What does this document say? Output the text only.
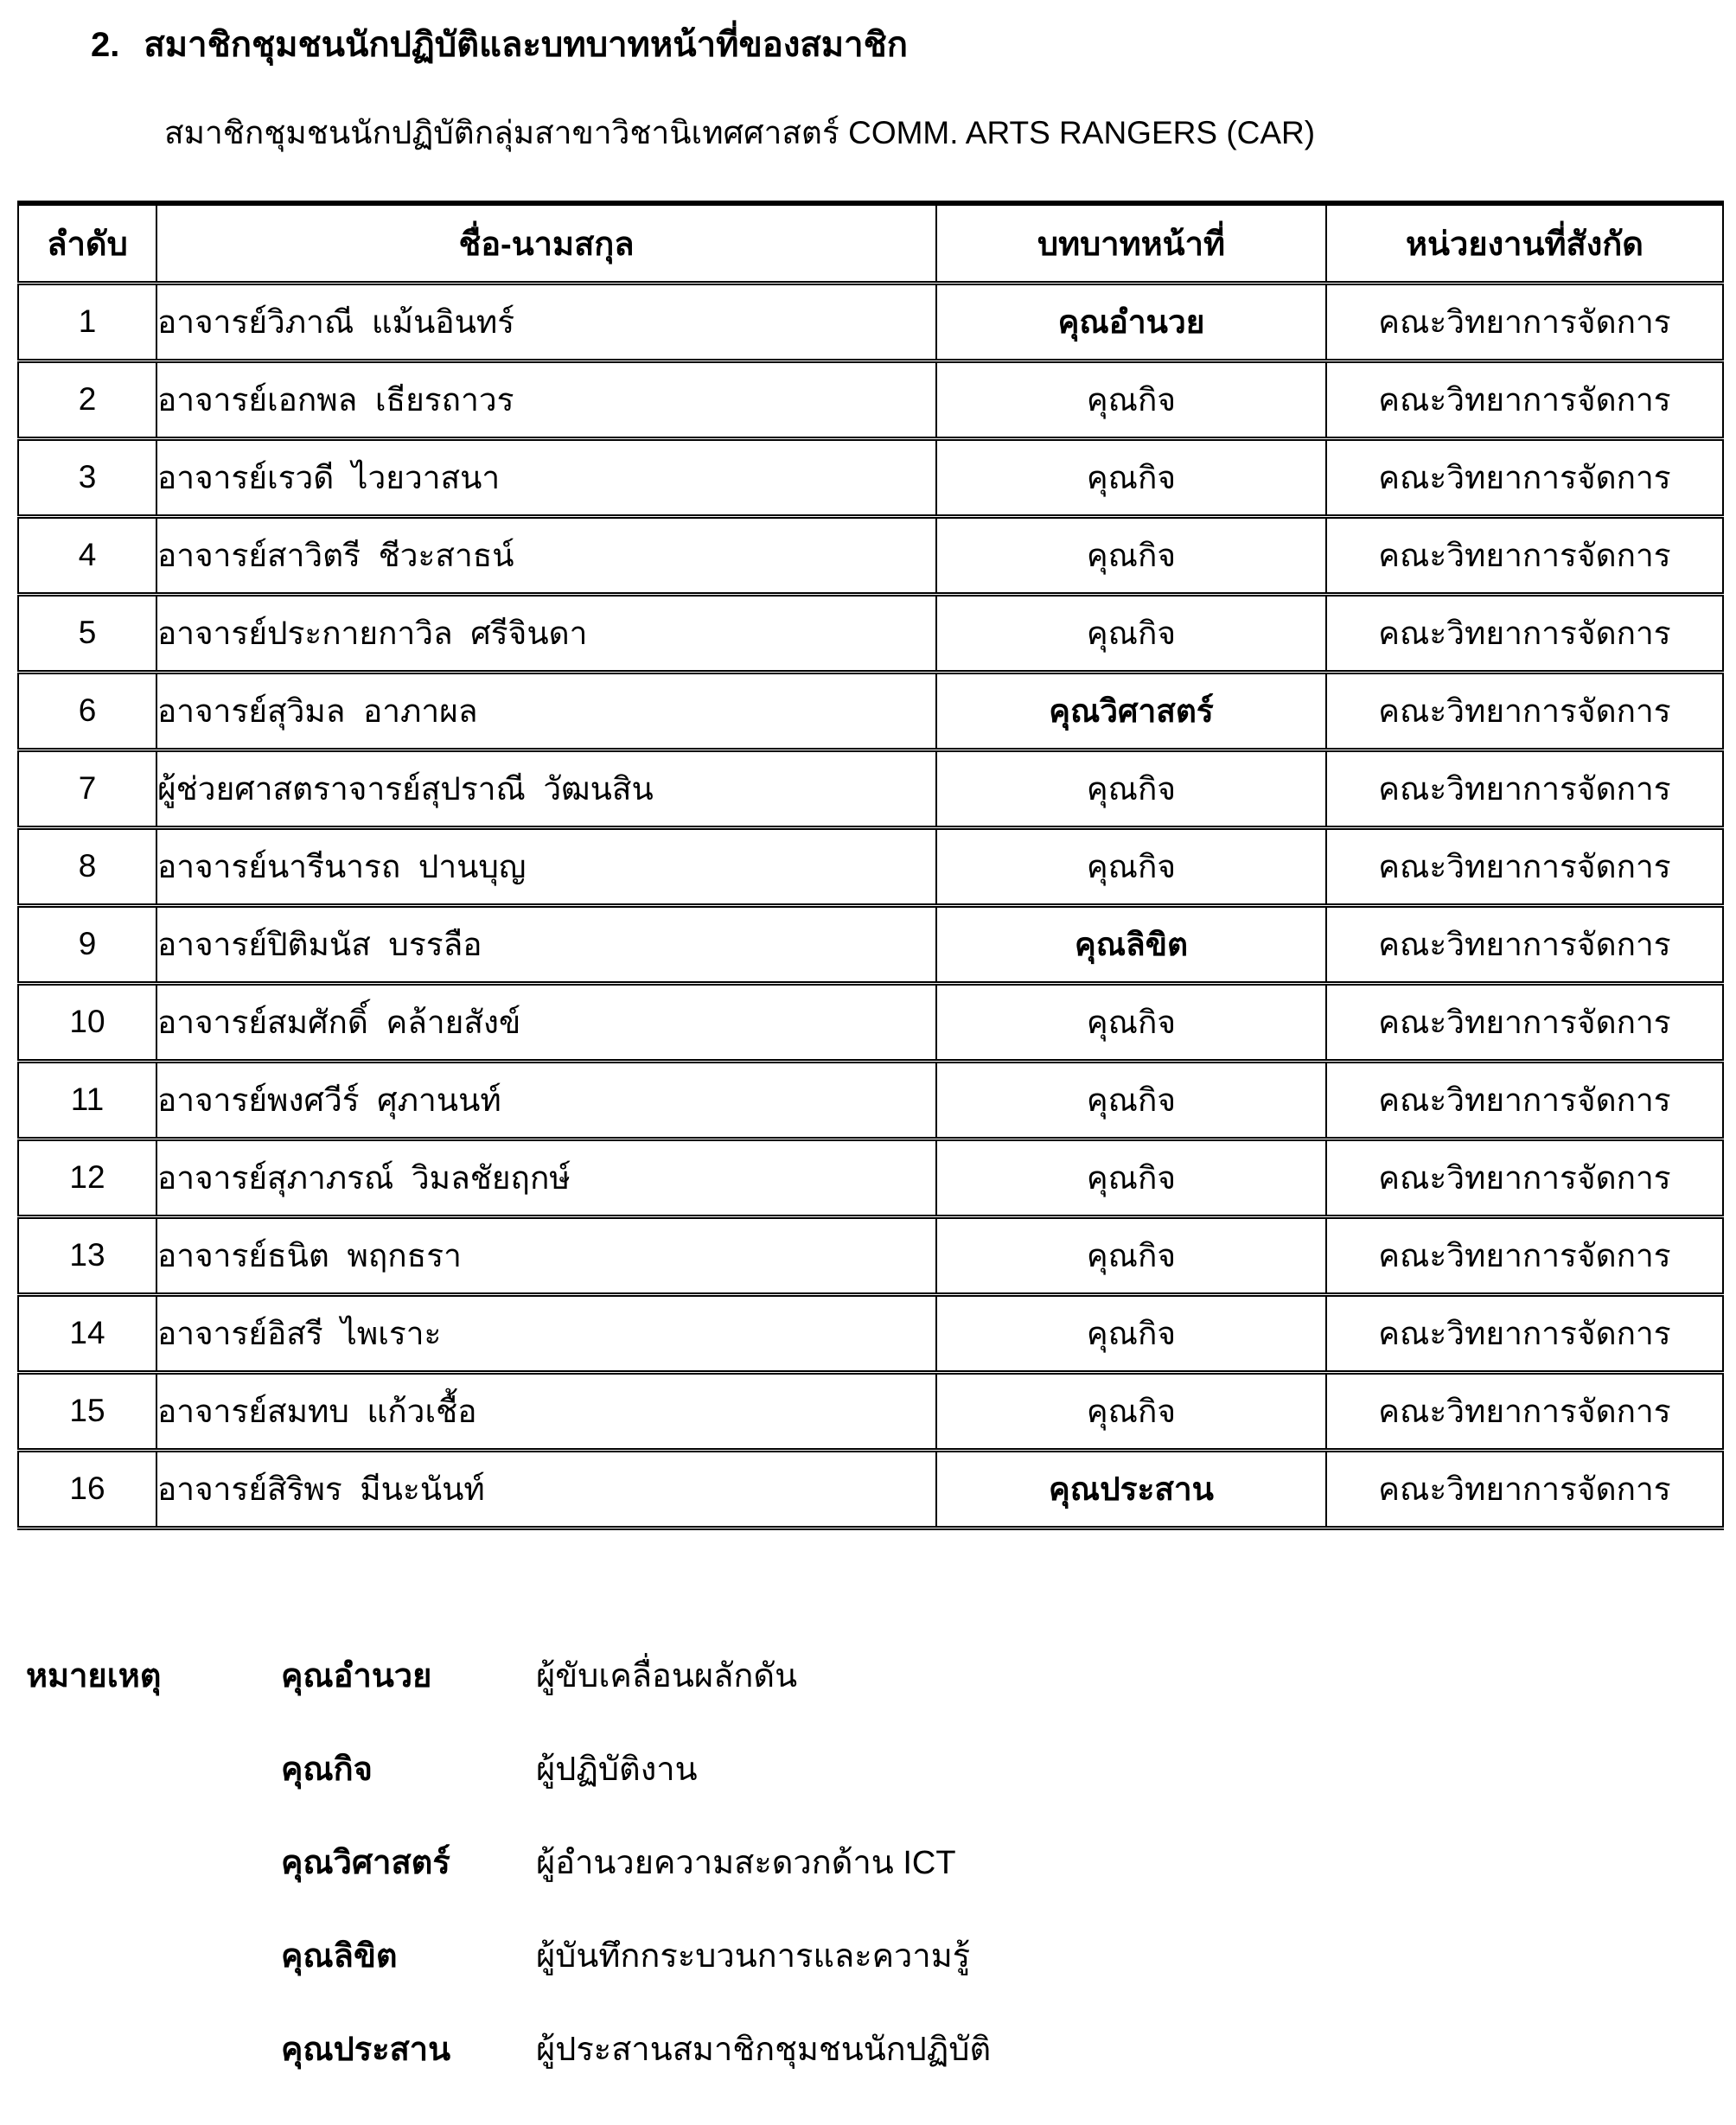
2. สมาชิกชุมชนนักปฏิบัติและบทบาทหน้าที่ของสมาชิก
สมาชิกชุมชนนักปฏิบัติกลุ่มสาขาวิชานิเทศศาสตร์ COMM. ARTS RANGERS (CAR)
ลำดับ	ชื่อ-นามสกุล	บทบาทหน้าที่	หน่วยงานที่สังกัด
1	อาจารย์วิภาณี  แม้นอินทร์	คุณอำนวย	คณะวิทยาการจัดการ
2	อาจารย์เอกพล  เธียรถาวร	คุณกิจ	คณะวิทยาการจัดการ
3	อาจารย์เรวดี  ไวยวาสนา	คุณกิจ	คณะวิทยาการจัดการ
4	อาจารย์สาวิตรี  ชีวะสาธน์	คุณกิจ	คณะวิทยาการจัดการ
5	อาจารย์ประกายกาวิล  ศรีจินดา	คุณกิจ	คณะวิทยาการจัดการ
6	อาจารย์สุวิมล  อาภาผล	คุณวิศาสตร์	คณะวิทยาการจัดการ
7	ผู้ช่วยศาสตราจารย์สุปราณี  วัฒนสิน	คุณกิจ	คณะวิทยาการจัดการ
8	อาจารย์นารีนารถ  ปานบุญ	คุณกิจ	คณะวิทยาการจัดการ
9	อาจารย์ปิติมนัส  บรรลือ	คุณลิขิต	คณะวิทยาการจัดการ
10	อาจารย์สมศักดิ์  คล้ายสังข์	คุณกิจ	คณะวิทยาการจัดการ
11	อาจารย์พงศวีร์  ศุภานนท์	คุณกิจ	คณะวิทยาการจัดการ
12	อาจารย์สุภาภรณ์  วิมลชัยฤกษ์	คุณกิจ	คณะวิทยาการจัดการ
13	อาจารย์ธนิต  พฤกธรา	คุณกิจ	คณะวิทยาการจัดการ
14	อาจารย์อิสรี  ไพเราะ	คุณกิจ	คณะวิทยาการจัดการ
15	อาจารย์สมทบ  แก้วเชื้อ	คุณกิจ	คณะวิทยาการจัดการ
16	อาจารย์สิริพร  มีนะนันท์	คุณประสาน	คณะวิทยาการจัดการ
หมายเหตุ	คุณอำนวย	ผู้ขับเคลื่อนผลักดัน
คุณกิจ	ผู้ปฏิบัติงาน
คุณวิศาสตร์	ผู้อำนวยความสะดวกด้าน ICT
คุณลิขิต	ผู้บันทึกกระบวนการและความรู้
คุณประสาน	ผู้ประสานสมาชิกชุมชนนักปฏิบัติ
